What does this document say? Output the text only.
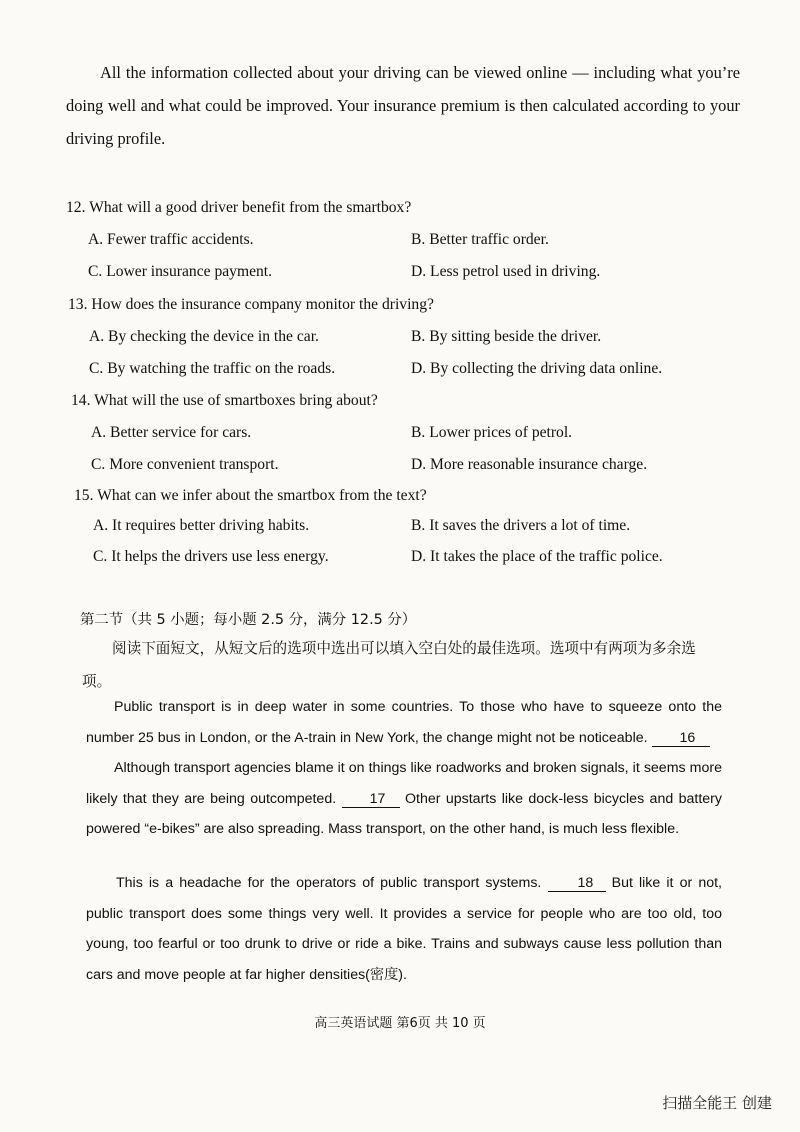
All the information collected about your driving can be viewed online — including what you’re doing well and what could be improved. Your insurance premium is then calculated according to your driving profile.

12. What will a good driver benefit from the smartbox?

A. Fewer traffic accidents.	B. Better traffic order.

C. Lower insurance payment.	D. Less petrol used in driving.

13. How does the insurance company monitor the driving?

A. By checking the device in the car.	B. By sitting beside the driver.

C. By watching the traffic on the roads.	D. By collecting the driving data online.

14. What will the use of smartboxes bring about?

A. Better service for cars.	B. Lower prices of petrol.

C. More convenient transport.	D. More reasonable insurance charge.

15. What can we infer about the smartbox from the text?

A. It requires better driving habits.	B. It saves the drivers a lot of time.

C. It helps the drivers use less energy.	D. It takes the place of the traffic police.

第二节（共 5 小题；每小题 2.5 分，满分 12.5 分）

阅读下面短文，从短文后的选项中选出可以填入空白处的最佳选项。选项中有两项为多余选项。

Public transport is in deep water in some countries. To those who have to squeeze onto the number 25 bus in London, or the A-train in New York, the change might not be noticeable. 16

Although transport agencies blame it on things like roadworks and broken signals, it seems more likely that they are being outcompeted. 17 Other upstarts like dock-less bicycles and battery powered “e-bikes” are also spreading. Mass transport, on the other hand, is much less flexible.

This is a headache for the operators of public transport systems.	18 But like it or not, public transport does some things very well. It provides a service for people who are too old, too young, too fearful or too drunk to drive or ride a bike. Trains and subways cause less pollution than cars and move people at far higher densities(密度).

高三英语试题 第6页 共 10 页

扫描全能王 创建
